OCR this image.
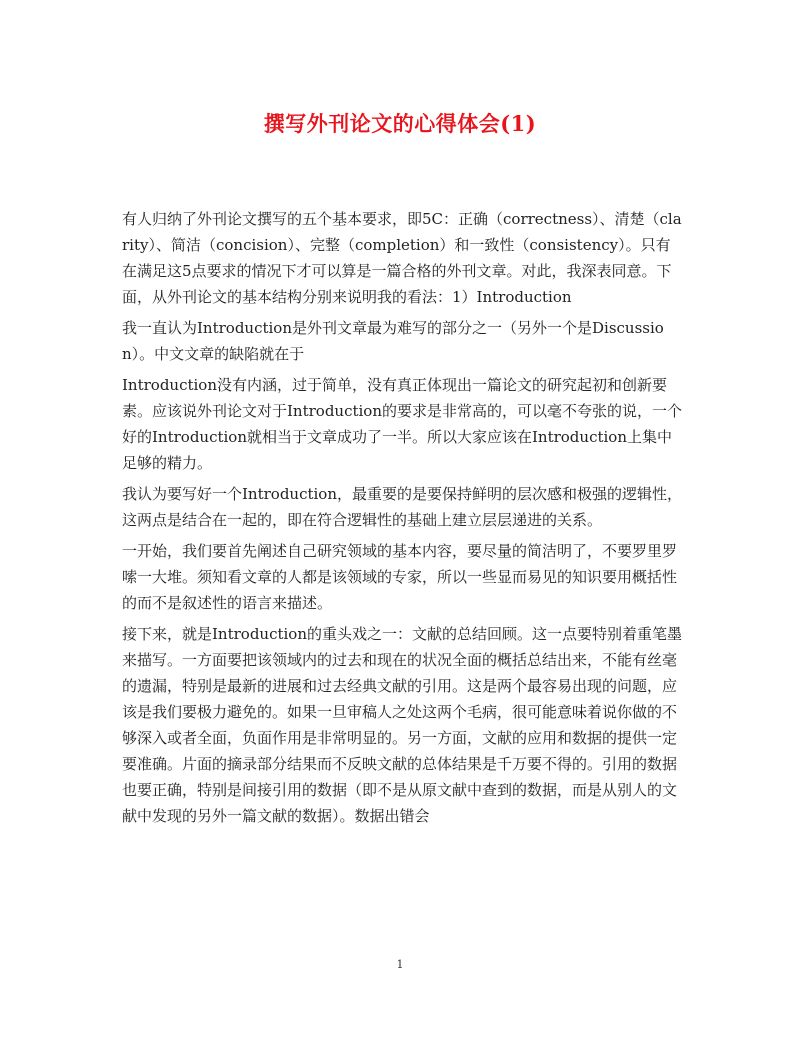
撰写外刊论文的心得体会(1)

有人归纳了外刊论文撰写的五个基本要求，即5C：正确（correctness）、清楚（clarity）、简洁（concision）、完整（completion）和一致性（consistency）。只有在满足这5点要求的情况下才可以算是一篇合格的外刊文章。对此，我深表同意。下面，从外刊论文的基本结构分别来说明我的看法：1）Introduction

我一直认为Introduction是外刊文章最为难写的部分之一（另外一个是Discussion）。中文文章的缺陷就在于

Introduction没有内涵，过于简单，没有真正体现出一篇论文的研究起初和创新要素。应该说外刊论文对于Introduction的要求是非常高的，可以毫不夸张的说，一个好的Introduction就相当于文章成功了一半。所以大家应该在Introduction上集中足够的精力。

我认为要写好一个Introduction，最重要的是要保持鲜明的层次感和极强的逻辑性，这两点是结合在一起的，即在符合逻辑性的基础上建立层层递进的关系。

一开始，我们要首先阐述自己研究领域的基本内容，要尽量的简洁明了，不要罗里罗嗦一大堆。须知看文章的人都是该领域的专家，所以一些显而易见的知识要用概括性的而不是叙述性的语言来描述。

接下来，就是Introduction的重头戏之一：文献的总结回顾。这一点要特别着重笔墨来描写。一方面要把该领域内的过去和现在的状况全面的概括总结出来，不能有丝毫的遗漏，特别是最新的进展和过去经典文献的引用。这是两个最容易出现的问题，应该是我们要极力避免的。如果一旦审稿人之处这两个毛病，很可能意味着说你做的不够深入或者全面，负面作用是非常明显的。另一方面，文献的应用和数据的提供一定要准确。片面的摘录部分结果而不反映文献的总体结果是千万要不得的。引用的数据也要正确，特别是间接引用的数据（即不是从原文献中查到的数据，而是从别人的文献中发现的另外一篇文献的数据）。数据出错会

1
